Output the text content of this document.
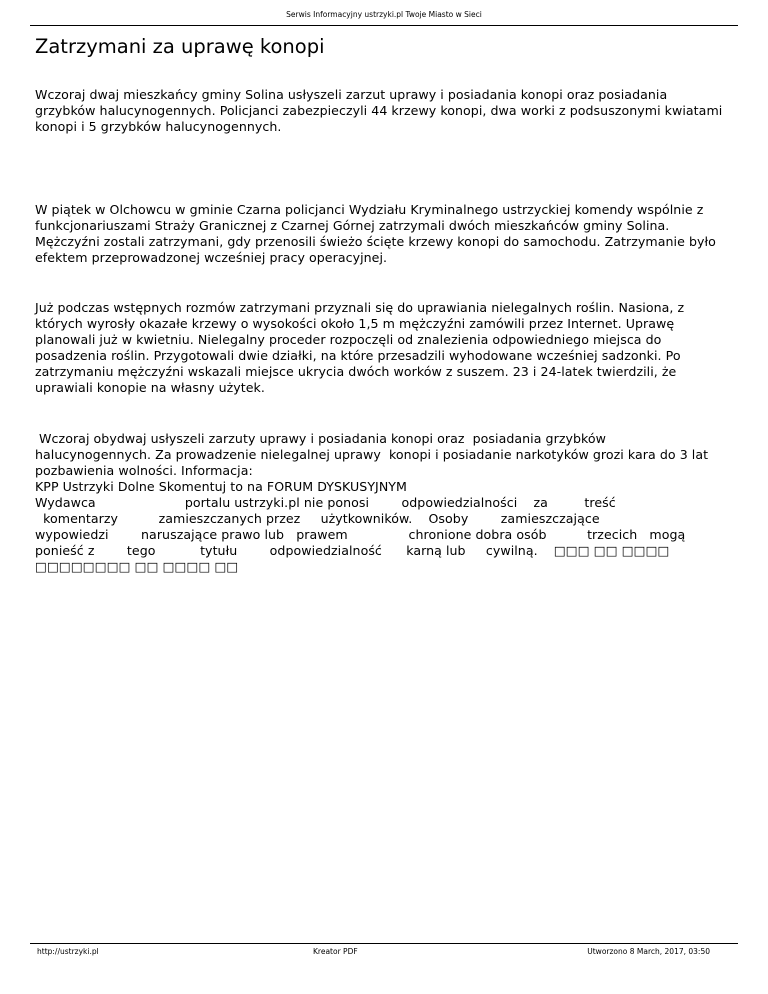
Serwis Informacyjny ustrzyki.pl Twoje Miasto w Sieci
Zatrzymani za uprawę konopi

Wczoraj dwaj mieszkańcy gminy Solina usłyszeli zarzut uprawy i posiadania konopi oraz posiadania grzybków halucynogennych. Policjanci zabezpieczyli 44 krzewy konopi, dwa worki z podsuszonymi kwiatami konopi i 5 grzybków halucynogennych.

W piątek w Olchowcu w gminie Czarna policjanci Wydziału Kryminalnego ustrzyckiej komendy wspólnie z funkcjonariuszami Straży Granicznej z Czarnej Górnej zatrzymali dwóch mieszkańców gminy Solina. Mężczyźni zostali zatrzymani, gdy przenosili świeżo ścięte krzewy konopi do samochodu. Zatrzymanie było efektem przeprowadzonej wcześniej pracy operacyjnej.

Już podczas wstępnych rozmów zatrzymani przyznali się do uprawiania nielegalnych roślin. Nasiona, z których wyrosły okazałe krzewy o wysokości około 1,5 m mężczyźni zamówili przez Internet. Uprawę planowali już w kwietniu. Nielegalny proceder rozpoczęli od znalezienia odpowiedniego miejsca do posadzenia roślin. Przygotowali dwie działki, na które przesadzili wyhodowane wcześniej sadzonki. Po zatrzymaniu mężczyźni wskazali miejsce ukrycia dwóch worków z suszem. 23 i 24-latek twierdzili, że uprawiali konopie na własny użytek.

Wczoraj obydwaj usłyszeli zarzuty uprawy i posiadania konopi oraz  posiadania grzybków
halucynogennych. Za prowadzenie nielegalnej uprawy  konopi i posiadanie narkotyków grozi kara do 3 lat
pozbawienia wolności. Informacja:
KPP Ustrzyki Dolne Skomentuj to na FORUM DYSKUSYJNYM
Wydawca                      portalu ustrzyki.pl nie ponosi        odpowiedzialności    za         treść
komentarzy          zamieszczanych przez     użytkowników.    Osoby        zamieszczające
wypowiedzi        naruszające prawo lub   prawem               chronione dobra osób          trzecich   mogą
ponieść z        tego           tytułu        odpowiedzialność      karną lub     cywilną.    □□□ □□ □□□□
□□□□□□□□ □□ □□□□ □□
http://ustrzyki.pl	Kreator PDF	Utworzono 8 March, 2017, 03:50
